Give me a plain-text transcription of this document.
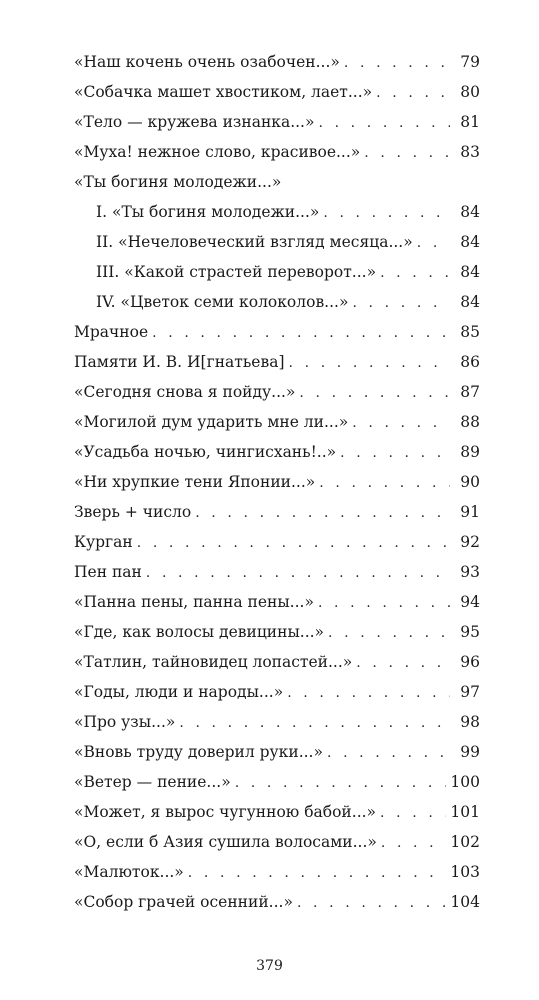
«Наш кочень очень озабочен...» . . .	79
«Собачка машет хвостиком, лает...» . . .	80
«Тело — кружева изнанка...» . . .	81
«Муха! нежное слово, красивое...» . . .	83
«Ты богиня молодежи...»
I. «Ты богиня молодежи...» . . .	84
II. «Нечеловеческий взгляд месяца...» . . .	84
III. «Какой страстей переворот...» . . .	84
IV. «Цветок семи колоколов...» . . .	84
Мрачное . . .	85
Памяти И. В. И[гнатьева] . . .	86
«Сегодня снова я пойду...» . . .	87
«Могилой дум ударить мне ли...» . . .	88
«Усадьба ночью, чингисхань!..» . . .	89
«Ни хрупкие тени Японии...» . . .	90
Зверь + число . . .	91
Курган . . .	92
Пен пан . . .	93
«Панна пены, панна пены...» . . .	94
«Где, как волосы девицины...» . . .	95
«Татлин, тайновидец лопастей...» . . .	96
«Годы, люди и народы...» . . .	97
«Про узы...» . . .	98
«Вновь труду доверил руки...» . . .	99
«Ветер — пение...» . . .	100
«Может, я вырос чугунною бабой...» . . .	101
«О, если б Азия сушила волосами...» . . .	102
«Малюток...» . . .	103
«Собор грачей осенний...» . . .	104
379
